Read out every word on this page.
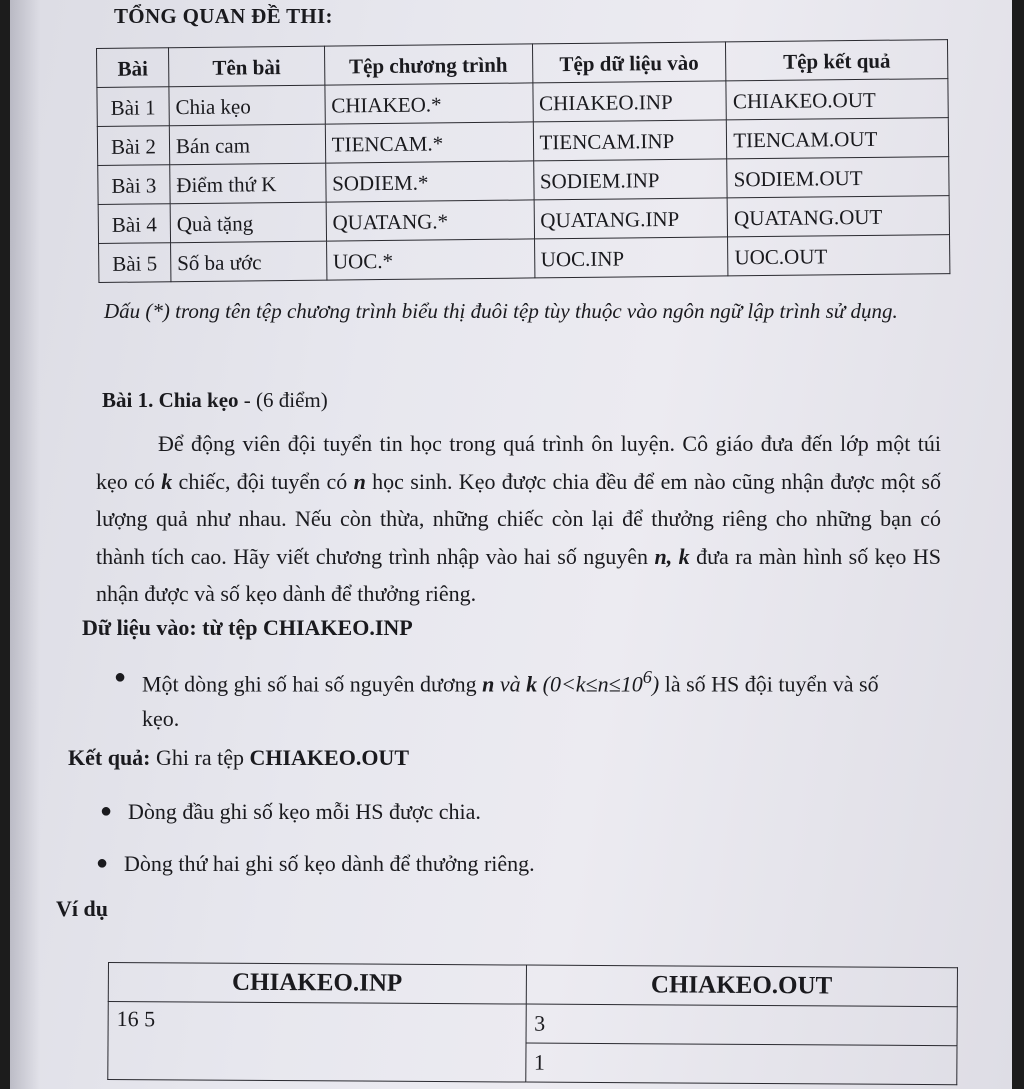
TỔNG QUAN ĐỀ THI:
Bài	Tên bài	Tệp chương trình	Tệp dữ liệu vào	Tệp kết quả
Bài 1	Chia kẹo	CHIAKEO.*	CHIAKEO.INP	CHIAKEO.OUT
Bài 2	Bán cam	TIENCAM.*	TIENCAM.INP	TIENCAM.OUT
Bài 3	Điểm thứ K	SODIEM.*	SODIEM.INP	SODIEM.OUT
Bài 4	Quà tặng	QUATANG.*	QUATANG.INP	QUATANG.OUT
Bài 5	Số ba ước	UOC.*	UOC.INP	UOC.OUT
Dấu (*) trong tên tệp chương trình biểu thị đuôi tệp tùy thuộc vào ngôn ngữ lập trình sử dụng.
Bài 1. Chia kẹo - (6 điểm)
Để động viên đội tuyển tin học trong quá trình ôn luyện. Cô giáo đưa đến lớp một túi kẹo có k chiếc, đội tuyển có n học sinh. Kẹo được chia đều để em nào cũng nhận được một số lượng quả như nhau. Nếu còn thừa, những chiếc còn lại để thưởng riêng cho những bạn có thành tích cao. Hãy viết chương trình nhập vào hai số nguyên n, k đưa ra màn hình số kẹo HS nhận được và số kẹo dành để thưởng riêng.
Dữ liệu vào: từ tệp CHIAKEO.INP
● Một dòng ghi số hai số nguyên dương n và k $(0<k\le n\le 10^6)$ là số HS đội tuyển và số kẹo.
Kết quả: Ghi ra tệp CHIAKEO.OUT
● Dòng đầu ghi số kẹo mỗi HS được chia.
● Dòng thứ hai ghi số kẹo dành để thưởng riêng.
Ví dụ
CHIAKEO.INP	CHIAKEO.OUT
16 5	3
	1
